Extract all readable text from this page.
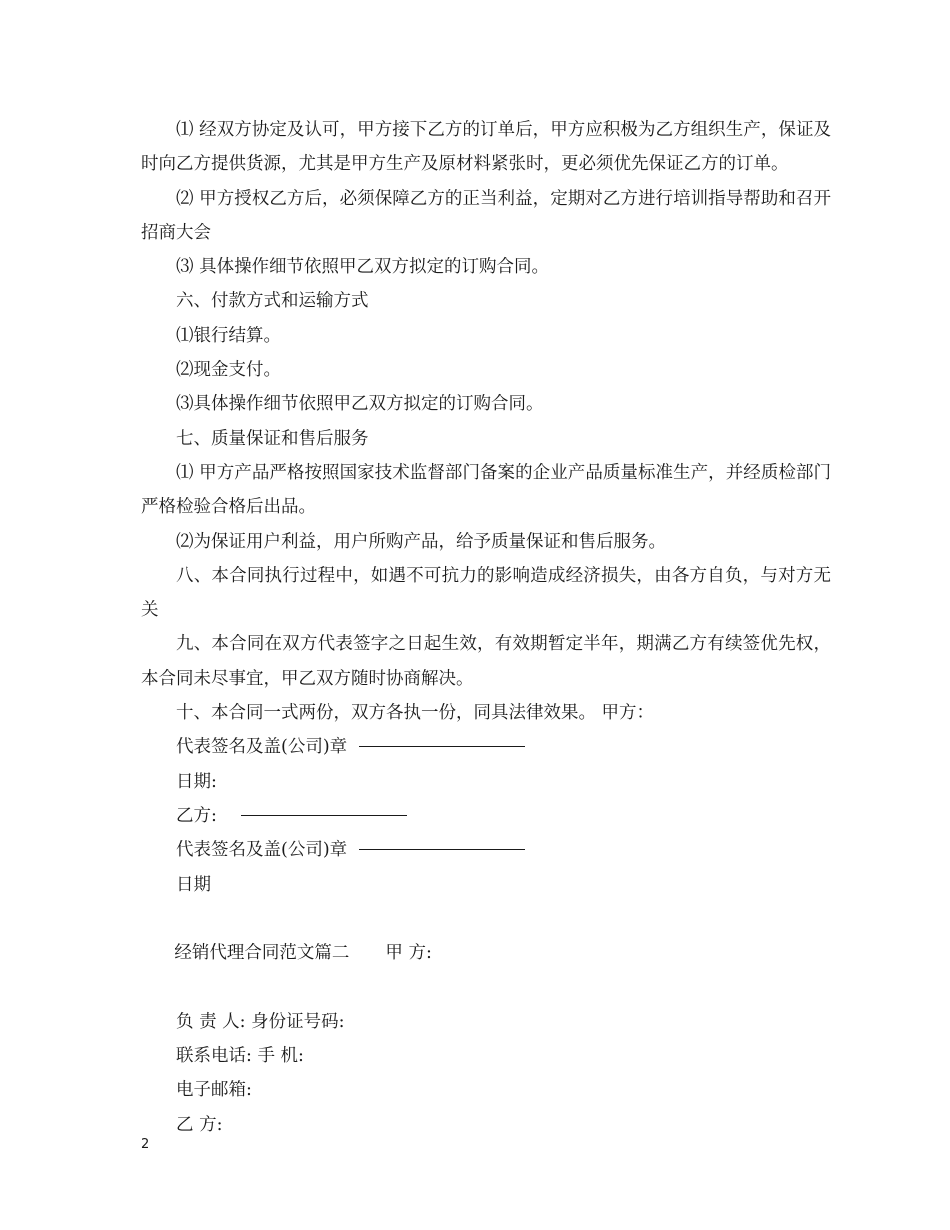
⑴ 经双方协定及认可，甲方接下乙方的订单后，甲方应积极为乙方组织生产，保证及时向乙方提供货源，尤其是甲方生产及原材料紧张时，更必须优先保证乙方的订单。

⑵ 甲方授权乙方后，必须保障乙方的正当利益，定期对乙方进行培训指导帮助和召开招商大会

⑶ 具体操作细节依照甲乙双方拟定的订购合同。

六、付款方式和运输方式

⑴银行结算。

⑵现金支付。

⑶具体操作细节依照甲乙双方拟定的订购合同。

七、质量保证和售后服务

⑴ 甲方产品严格按照国家技术监督部门备案的企业产品质量标准生产，并经质检部门严格检验合格后出品。

⑵为保证用户利益，用户所购产品，给予质量保证和售后服务。

八、本合同执行过程中，如遇不可抗力的影响造成经济损失，由各方自负，与对方无关

九、本合同在双方代表签字之日起生效，有效期暂定半年，期满乙方有续签优先权，本合同未尽事宜，甲乙双方随时协商解决。

十、本合同一式两份，双方各执一份，同具法律效果。 甲方：

代表签名及盖(公司)章

日期:

乙方:

代表签名及盖(公司)章

日期

经销代理合同范文篇二 甲 方:

负 责 人: 身份证号码:

联系电话: 手 机:

电子邮箱:

乙 方:

2
